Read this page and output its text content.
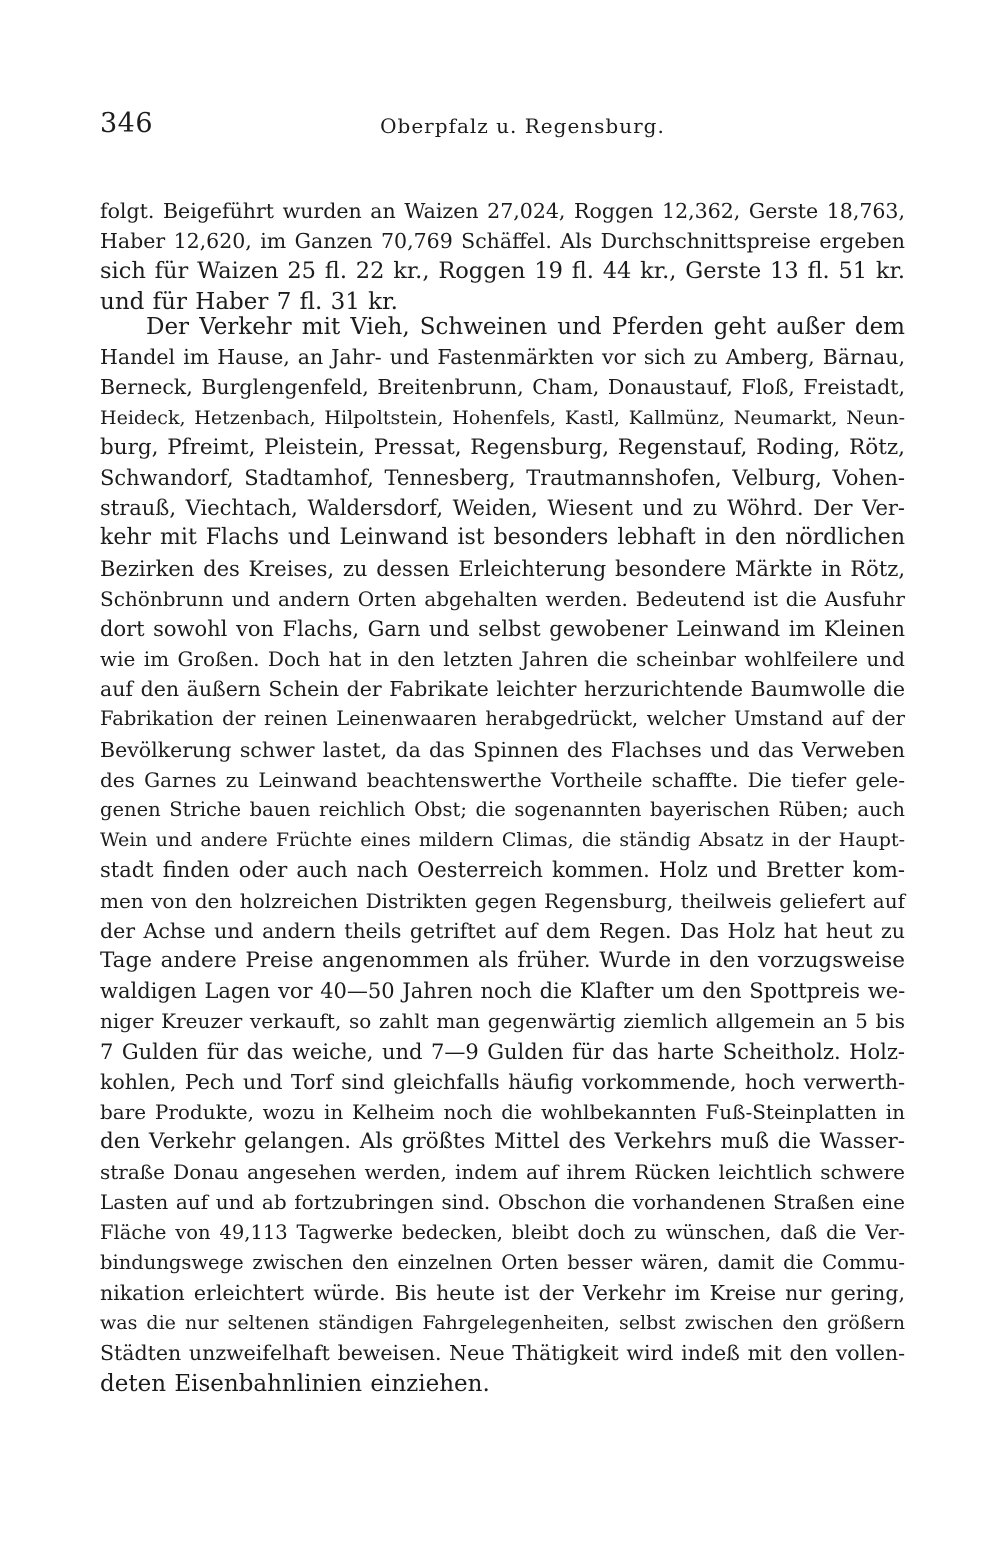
346	Oberpfalz u. Regensburg.
folgt. Beigeführt wurden an Waizen 27,024, Roggen 12,362, Gerste 18,763,
Haber 12,620, im Ganzen 70,769 Schäffel. Als Durchschnittspreise ergeben
sich für Waizen 25 fl. 22 kr., Roggen 19 fl. 44 kr., Gerste 13 fl. 51 kr.
und für Haber 7 fl. 31 kr.
Der Verkehr mit Vieh, Schweinen und Pferden geht außer dem
Handel im Hause, an Jahr- und Fastenmärkten vor sich zu Amberg, Bärnau,
Berneck, Burglengenfeld, Breitenbrunn, Cham, Donaustauf, Floß, Freistadt,
Heideck, Hetzenbach, Hilpoltstein, Hohenfels, Kastl, Kallmünz, Neumarkt, Neun-
burg, Pfreimt, Pleistein, Pressat, Regensburg, Regenstauf, Roding, Rötz,
Schwandorf, Stadtamhof, Tennesberg, Trautmannshofen, Velburg, Vohen-
strauß, Viechtach, Waldersdorf, Weiden, Wiesent und zu Wöhrd. Der Ver-
kehr mit Flachs und Leinwand ist besonders lebhaft in den nördlichen
Bezirken des Kreises, zu dessen Erleichterung besondere Märkte in Rötz,
Schönbrunn und andern Orten abgehalten werden. Bedeutend ist die Ausfuhr
dort sowohl von Flachs, Garn und selbst gewobener Leinwand im Kleinen
wie im Großen. Doch hat in den letzten Jahren die scheinbar wohlfeilere und
auf den äußern Schein der Fabrikate leichter herzurichtende Baumwolle die
Fabrikation der reinen Leinenwaaren herabgedrückt, welcher Umstand auf der
Bevölkerung schwer lastet, da das Spinnen des Flachses und das Verweben
des Garnes zu Leinwand beachtenswerthe Vortheile schaffte. Die tiefer gele-
genen Striche bauen reichlich Obst; die sogenannten bayerischen Rüben; auch
Wein und andere Früchte eines mildern Climas, die ständig Absatz in der Haupt-
stadt finden oder auch nach Oesterreich kommen. Holz und Bretter kom-
men von den holzreichen Distrikten gegen Regensburg, theilweis geliefert auf
der Achse und andern theils getriftet auf dem Regen. Das Holz hat heut zu
Tage andere Preise angenommen als früher. Wurde in den vorzugsweise
waldigen Lagen vor 40—50 Jahren noch die Klafter um den Spottpreis we-
niger Kreuzer verkauft, so zahlt man gegenwärtig ziemlich allgemein an 5 bis
7 Gulden für das weiche, und 7—9 Gulden für das harte Scheitholz. Holz-
kohlen, Pech und Torf sind gleichfalls häufig vorkommende, hoch verwerth-
bare Produkte, wozu in Kelheim noch die wohlbekannten Fuß-Steinplatten in
den Verkehr gelangen. Als größtes Mittel des Verkehrs muß die Wasser-
straße Donau angesehen werden, indem auf ihrem Rücken leichtlich schwere
Lasten auf und ab fortzubringen sind. Obschon die vorhandenen Straßen eine
Fläche von 49,113 Tagwerke bedecken, bleibt doch zu wünschen, daß die Ver-
bindungswege zwischen den einzelnen Orten besser wären, damit die Commu-
nikation erleichtert würde. Bis heute ist der Verkehr im Kreise nur gering,
was die nur seltenen ständigen Fahrgelegenheiten, selbst zwischen den größern
Städten unzweifelhaft beweisen. Neue Thätigkeit wird indeß mit den vollen-
deten Eisenbahnlinien einziehen.
